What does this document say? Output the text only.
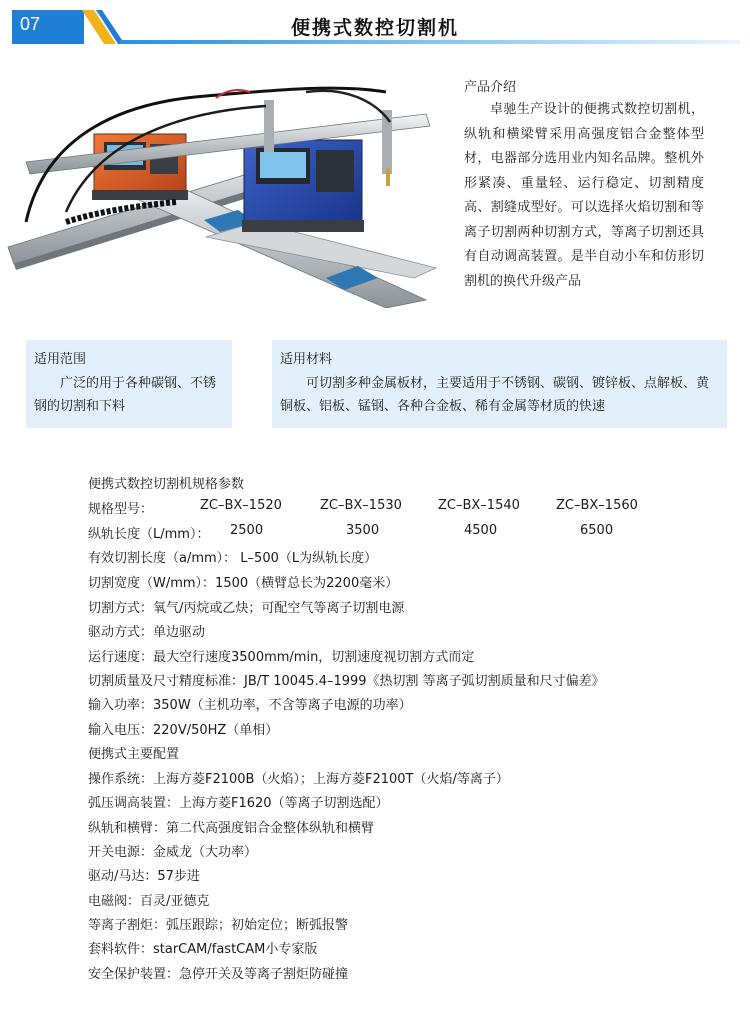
07	便携式数控切割机
产品介绍
卓驰生产设计的便携式数控切割机，纵轨和横梁臂采用高强度铝合金整体型材，电器部分选用业内知名品牌。整机外形紧凑、重量轻、运行稳定、切割精度高、割缝成型好。可以选择火焰切割和等离子切割两种切割方式，等离子切割还具有自动调高装置。是半自动小车和仿形切割机的换代升级产品
适用范围
广泛的用于各种碳钢、不锈钢的切割和下料
适用材料
可切割多种金属板材，主要适用于不锈钢、碳钢、镀锌板、点解板、黄铜板、铝板、锰钢、各种合金板、稀有金属等材质的快速
便携式数控切割机规格参数
规格型号：	ZC–BX–1520	ZC–BX–1530	ZC–BX–1540	ZC–BX–1560
纵轨长度（L/mm）： 2500	3500	4500	6500
有效切割长度（a/mm）： L–500（L为纵轨长度）
切割宽度（W/mm）：1500（横臂总长为2200毫米）
切割方式：氧气/丙烷或乙炔；可配空气等离子切割电源
驱动方式：单边驱动
运行速度：最大空行速度3500mm/min，切割速度视切割方式而定
切割质量及尺寸精度标准：JB/T 10045.4–1999《热切割 等离子弧切割质量和尺寸偏差》
输入功率：350W（主机功率，不含等离子电源的功率）
输入电压：220V/50HZ（单相）
便携式主要配置
操作系统：上海方菱F2100B（火焰）；上海方菱F2100T（火焰/等离子）
弧压调高装置：上海方菱F1620（等离子切割选配）
纵轨和横臂：第二代高强度铝合金整体纵轨和横臂
开关电源：金威龙（大功率）
驱动/马达：57步进
电磁阀：百灵/亚德克
等离子割炬：弧压跟踪；初始定位；断弧报警
套料软件：starCAM/fastCAM小专家版
安全保护装置：急停开关及等离子割炬防碰撞
